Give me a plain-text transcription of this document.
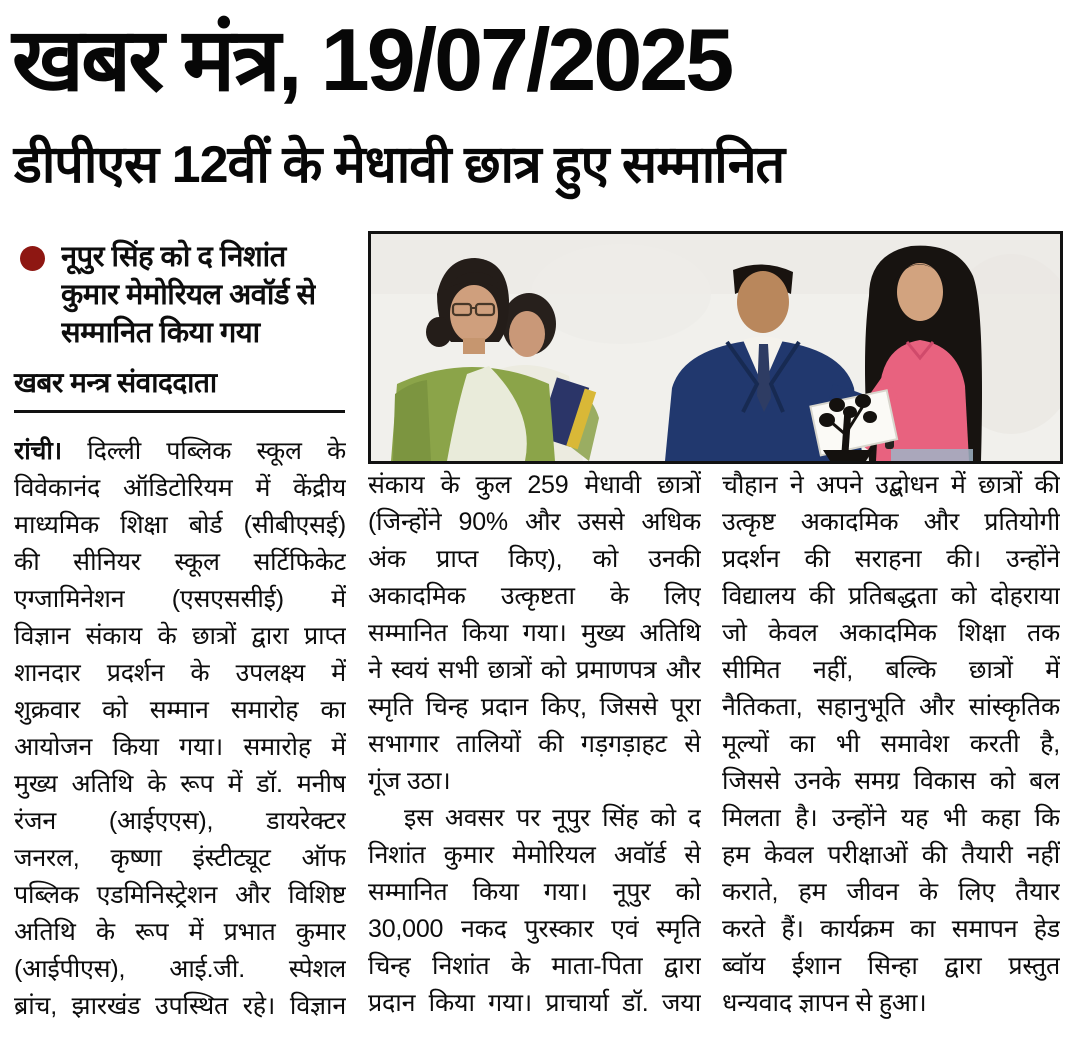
खबर मंत्र, 19/07/2025
डीपीएस 12वीं के मेधावी छात्र हुए सम्मानित
नूपुर सिंह को द निशांत
कुमार मेमोरियल अवॉर्ड से
सम्मानित किया गया
खबर मन्त्र संवाददाता
रांची। दिल्ली पब्लिक स्कूल के
विवेकानंद ऑडिटोरियम में केंद्रीय
माध्यमिक शिक्षा बोर्ड (सीबीएसई)
की सीनियर स्कूल सर्टिफिकेट
एग्जामिनेशन (एसएससीई) में
विज्ञान संकाय के छात्रों द्वारा प्राप्त
शानदार प्रदर्शन के उपलक्ष्य में
शुक्रवार को सम्मान समारोह का
आयोजन किया गया। समारोह में
मुख्य अतिथि के रूप में डॉ. मनीष
रंजन (आईएएस), डायरेक्टर
जनरल, कृष्णा इंस्टीट्यूट ऑफ
पब्लिक एडमिनिस्ट्रेशन और विशिष्ट
अतिथि के रूप में प्रभात कुमार
(आईपीएस), आई.जी. स्पेशल
ब्रांच, झारखंड उपस्थित रहे। विज्ञान
संकाय के कुल 259 मेधावी छात्रों
(जिन्होंने 90% और उससे अधिक
अंक प्राप्त किए), को उनकी
अकादमिक उत्कृष्टता के लिए
सम्मानित किया गया। मुख्य अतिथि
ने स्वयं सभी छात्रों को प्रमाणपत्र और
स्मृति चिन्ह प्रदान किए, जिससे पूरा
सभागार तालियों की गड़गड़ाहट से
गूंज उठा।
इस अवसर पर नूपुर सिंह को द
निशांत कुमार मेमोरियल अवॉर्ड से
सम्मानित किया गया। नूपुर को
30,000 नकद पुरस्कार एवं स्मृति
चिन्ह निशांत के माता-पिता द्वारा
प्रदान किया गया। प्राचार्या डॉ. जया
चौहान ने अपने उद्बोधन में छात्रों की
उत्कृष्ट अकादमिक और प्रतियोगी
प्रदर्शन की सराहना की। उन्होंने
विद्यालय की प्रतिबद्धता को दोहराया
जो केवल अकादमिक शिक्षा तक
सीमित नहीं, बल्कि छात्रों में
नैतिकता, सहानुभूति और सांस्कृतिक
मूल्यों का भी समावेश करती है,
जिससे उनके समग्र विकास को बल
मिलता है। उन्होंने यह भी कहा कि
हम केवल परीक्षाओं की तैयारी नहीं
कराते, हम जीवन के लिए तैयार
करते हैं। कार्यक्रम का समापन हेड
ब्वॉय ईशान सिन्हा द्वारा प्रस्तुत
धन्यवाद ज्ञापन से हुआ।
